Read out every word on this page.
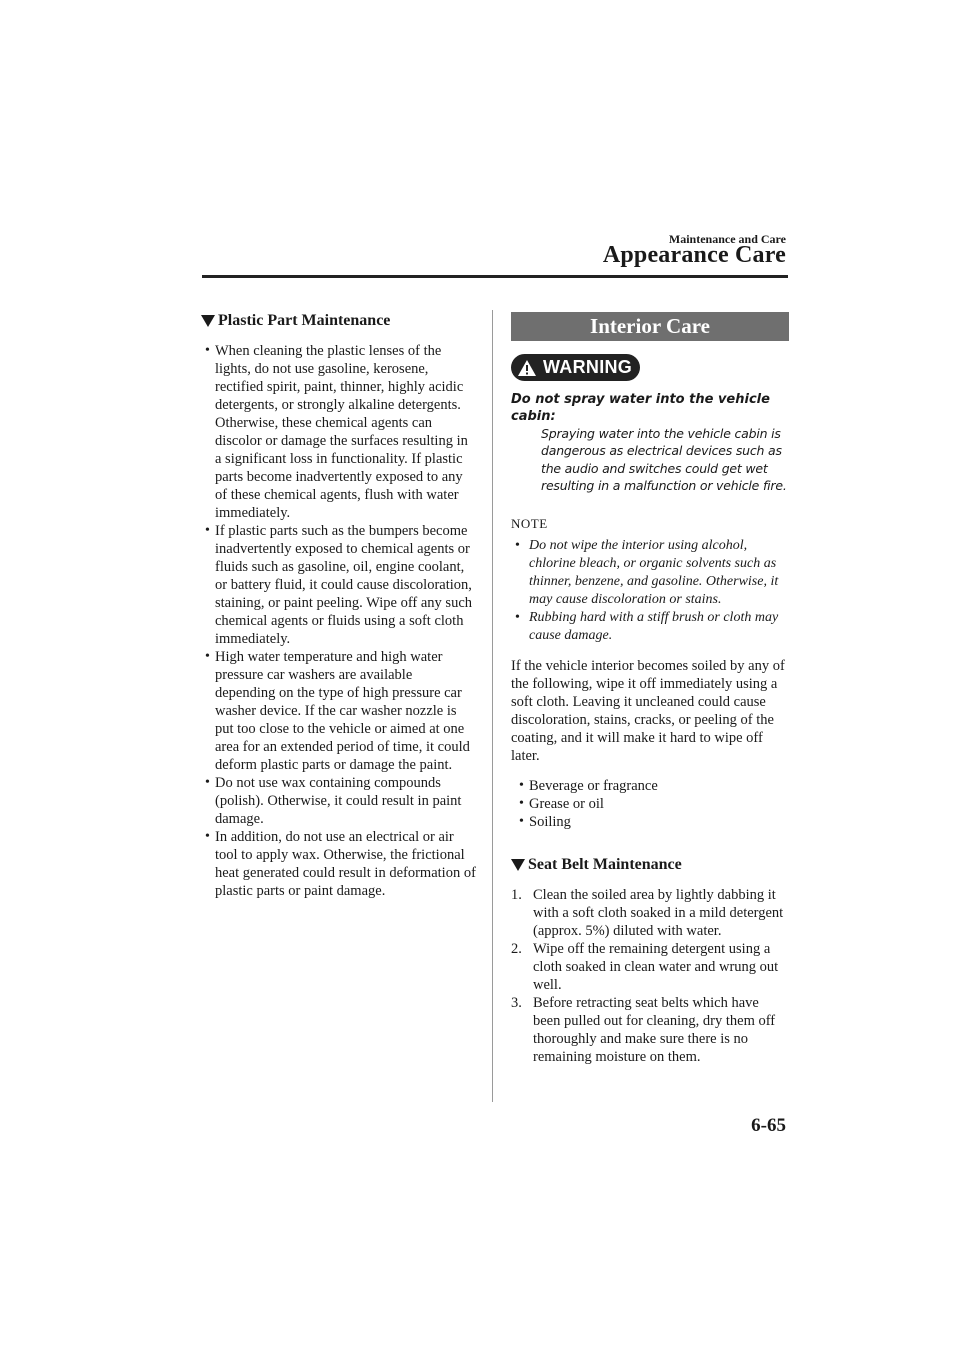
Maintenance and Care
Appearance Care
Plastic Part Maintenance
• When cleaning the plastic lenses of the lights, do not use gasoline, kerosene, rectified spirit, paint, thinner, highly acidic detergents, or strongly alkaline detergents. Otherwise, these chemical agents can discolor or damage the surfaces resulting in a significant loss in functionality. If plastic parts become inadvertently exposed to any of these chemical agents, flush with water immediately.
• If plastic parts such as the bumpers become inadvertently exposed to chemical agents or fluids such as gasoline, oil, engine coolant, or battery fluid, it could cause discoloration, staining, or paint peeling. Wipe off any such chemical agents or fluids using a soft cloth immediately.
• High water temperature and high water pressure car washers are available depending on the type of high pressure car washer device. If the car washer nozzle is put too close to the vehicle or aimed at one area for an extended period of time, it could deform plastic parts or damage the paint.
• Do not use wax containing compounds (polish). Otherwise, it could result in paint damage.
• In addition, do not use an electrical or air tool to apply wax. Otherwise, the frictional heat generated could result in deformation of plastic parts or paint damage.
Interior Care
WARNING
Do not spray water into the vehicle cabin:
Spraying water into the vehicle cabin is dangerous as electrical devices such as the audio and switches could get wet resulting in a malfunction or vehicle fire.
NOTE
• Do not wipe the interior using alcohol, chlorine bleach, or organic solvents such as thinner, benzene, and gasoline. Otherwise, it may cause discoloration or stains.
• Rubbing hard with a stiff brush or cloth may cause damage.
If the vehicle interior becomes soiled by any of the following, wipe it off immediately using a soft cloth. Leaving it uncleaned could cause discoloration, stains, cracks, or peeling of the coating, and it will make it hard to wipe off later.
• Beverage or fragrance
• Grease or oil
• Soiling
Seat Belt Maintenance
1. Clean the soiled area by lightly dabbing it with a soft cloth soaked in a mild detergent (approx. 5%) diluted with water.
2. Wipe off the remaining detergent using a cloth soaked in clean water and wrung out well.
3. Before retracting seat belts which have been pulled out for cleaning, dry them off thoroughly and make sure there is no remaining moisture on them.
6-65
